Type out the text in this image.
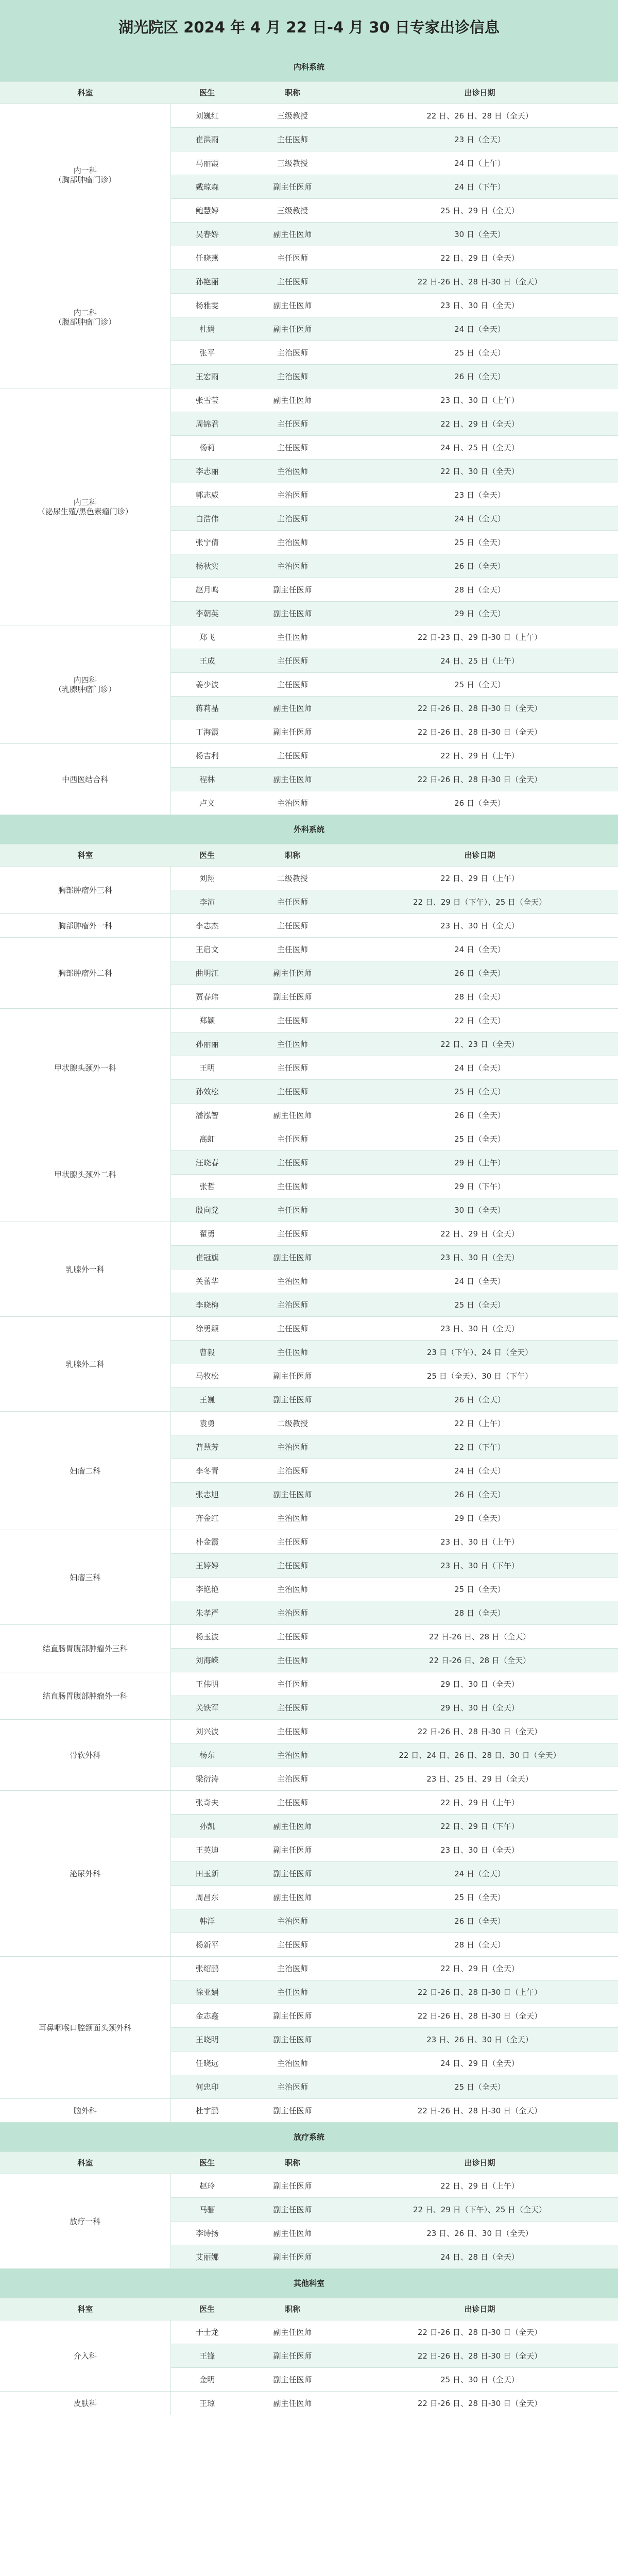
湖光院区 2024 年 4 月 22 日-4 月 30 日专家出诊信息
内科系统			
科室	医生	职称	出诊日期
内一科
（胸部肿瘤门诊）	刘巍红	三级教授	22 日、26 日、28 日（全天）
	崔洪雨	主任医师	23 日（全天）
	马丽霞	三级教授	24 日（上午）
	戴琼森	副主任医师	24 日（下午）
	鲍慧婷	三级教授	25 日、29 日（全天）
	吴春娇	副主任医师	30 日（全天）
内二科
（腹部肿瘤门诊）	任晓燕	主任医师	22 日、29 日（全天）
	孙艳丽	主任医师	22 日-26 日、28 日-30 日（全天）
	杨雅雯	副主任医师	23 日、30 日（全天）
	杜娟	副主任医师	24 日（全天）
	张平	主治医师	25 日（全天）
	王宏雨	主治医师	26 日（全天）
内三科
（泌尿生殖/黑色素瘤门诊）	张雪莹	副主任医师	23 日、30 日（上午）
	周锦君	主任医师	22 日、29 日（全天）
	杨莉	主任医师	24 日、25 日（全天）
	李志丽	主治医师	22 日、30 日（全天）
	郭志威	主治医师	23 日（全天）
	白浩伟	主治医师	24 日（全天）
	张宁倩	主治医师	25 日（全天）
	杨秋实	主治医师	26 日（全天）
	赵月鸣	副主任医师	28 日（全天）
	李朝英	副主任医师	29 日（全天）
内四科
（乳腺肿瘤门诊）	郑飞	主任医师	22 日-23 日、29 日-30 日（上午）
	王成	主任医师	24 日、25 日（上午）
	姜少波	主任医师	25 日（全天）
	蒋莉晶	副主任医师	22 日-26 日、28 日-30 日（全天）
	丁海霞	副主任医师	22 日-26 日、28 日-30 日（全天）
中西医结合科	杨吉利	主任医师	22 日、29 日（上午）
	程林	副主任医师	22 日-26 日、28 日-30 日（全天）
	卢义	主治医师	26 日（全天）
外科系统			
科室	医生	职称	出诊日期
胸部肿瘤外三科	刘翔	二级教授	22 日、29 日（上午）
	李沛	主任医师	22 日、29 日（下午）、25 日（全天）
胸部肿瘤外一科	李志杰	主任医师	23 日、30 日（全天）
胸部肿瘤外二科	王启文	主任医师	24 日（全天）
	曲明江	副主任医师	26 日（全天）
	贾春玮	副主任医师	28 日（全天）
甲状腺头颈外一科	郑颖	主任医师	22 日（全天）
	孙丽丽	主任医师	22 日、23 日（全天）
	王明	主任医师	24 日（全天）
	孙效松	主任医师	25 日（全天）
	潘泓智	副主任医师	26 日（全天）
甲状腺头颈外二科	高虹	主任医师	25 日（全天）
	汪晓春	主任医师	29 日（上午）
	张哲	主任医师	29 日（下午）
	殷向党	主任医师	30 日（全天）
乳腺外一科	翟勇	主任医师	22 日、29 日（全天）
	崔冠旗	副主任医师	23 日、30 日（全天）
	关蕾华	主治医师	24 日（全天）
	李晓梅	主治医师	25 日（全天）
乳腺外二科	徐勇颖	主任医师	23 日、30 日（全天）
	曹毅	主任医师	23 日（下午）、24 日（全天）
	马牧松	副主任医师	25 日（全天）、30 日（下午）
	王巍	副主任医师	26 日（全天）
妇瘤二科	袁勇	二级教授	22 日（上午）
	曹慧芳	主治医师	22 日（下午）
	李冬青	主治医师	24 日（全天）
	张志旭	副主任医师	26 日（全天）
	齐金红	主治医师	29 日（全天）
妇瘤三科	朴金霞	主任医师	23 日、30 日（上午）
	王婷婷	主任医师	23 日、30 日（下午）
	李艳艳	主治医师	25 日（全天）
	朱孝严	主治医师	28 日（全天）
结直肠胃腹部肿瘤外三科	杨玉波	主任医师	22 日-26 日、28 日（全天）
	刘海嵘	主任医师	22 日-26 日、28 日（全天）
结直肠胃腹部肿瘤外一科	王伟明	主任医师	29 日、30 日（全天）
	关铁军	主任医师	29 日、30 日（全天）
骨软外科	刘兴波	主任医师	22 日-26 日、28 日-30 日（全天）
	杨东	主治医师	22 日、24 日、26 日、28 日、30 日（全天）
	梁衍涛	主治医师	23 日、25 日、29 日（全天）
泌尿外科	张奇夫	主任医师	22 日、29 日（上午）
	孙凯	副主任医师	22 日、29 日（下午）
	王英迪	副主任医师	23 日、30 日（全天）
	田玉新	副主任医师	24 日（全天）
	周昌东	副主任医师	25 日（全天）
	韩洋	主治医师	26 日（全天）
	杨新平	主任医师	28 日（全天）
耳鼻咽喉口腔颌面头颈外科	张绍鹏	主治医师	22 日、29 日（全天）
	徐亚娟	主任医师	22 日-26 日、28 日-30 日（上午）
	金志鑫	副主任医师	22 日-26 日、28 日-30 日（全天）
	王晓明	副主任医师	23 日、26 日、30 日（全天）
	任晓远	主治医师	24 日、29 日（全天）
	何忠印	主治医师	25 日（全天）
脑外科	杜宇鹏	副主任医师	22 日-26 日、28 日-30 日（全天）
放疗系统			
科室	医生	职称	出诊日期
放疗一科	赵玲	副主任医师	22 日、29 日（上午）
	马骊	副主任医师	22 日、29 日（下午）、25 日（全天）
	李诗扬	副主任医师	23 日、26 日、30 日（全天）
	艾丽娜	副主任医师	24 日、28 日（全天）
其他科室			
科室	医生	职称	出诊日期
介入科	于士龙	副主任医师	22 日-26 日、28 日-30 日（全天）
	王锋	副主任医师	22 日-26 日、28 日-30 日（全天）
	金明	副主任医师	25 日、30 日（全天）
皮肤科	王琼	副主任医师	22 日-26 日、28 日-30 日（全天）
